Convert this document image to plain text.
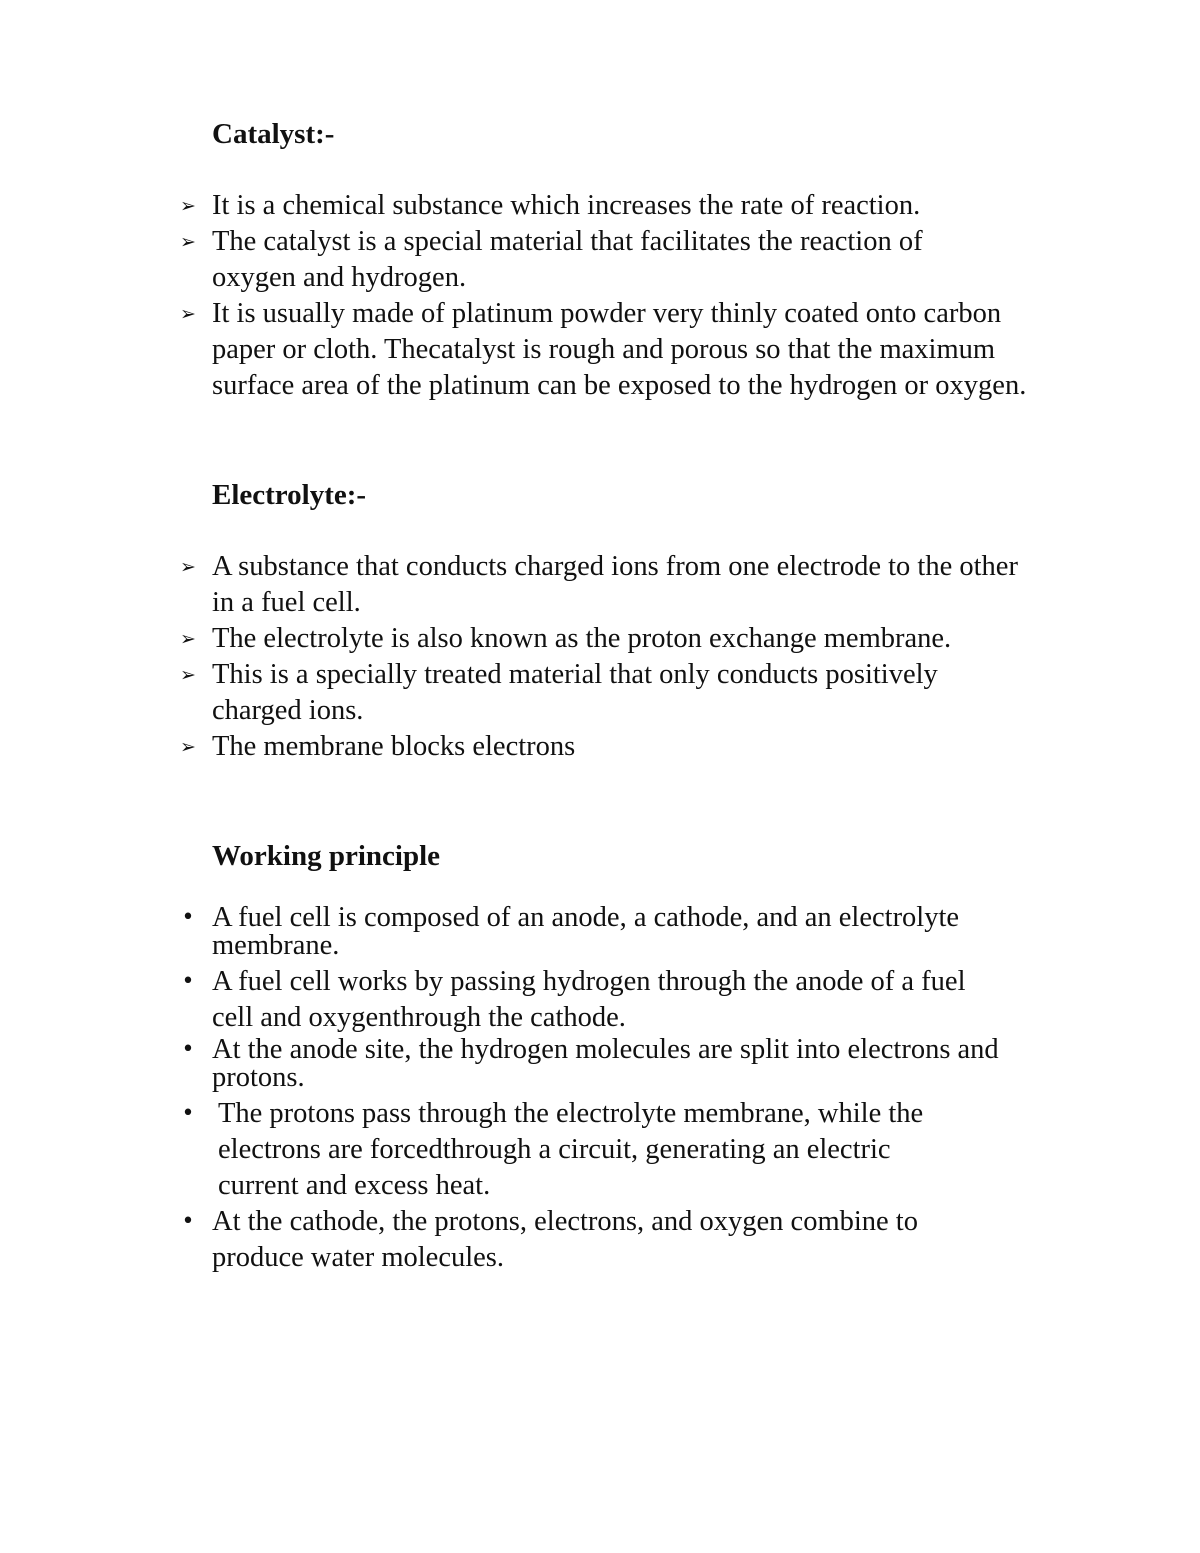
Catalyst:-
➢ It is a chemical substance which increases the rate of reaction.
➢ The catalyst is a special material that facilitates the reaction of oxygen and hydrogen.
➢ It is usually made of platinum powder very thinly coated onto carbon paper or cloth. Thecatalyst is rough and porous so that the maximum surface area of the platinum can be exposed to the hydrogen or oxygen.
Electrolyte:-
➢ A substance that conducts charged ions from one electrode to the other in a fuel cell.
➢ The electrolyte is also known as the proton exchange membrane.
➢ This is a specially treated material that only conducts positively charged ions.
➢ The membrane blocks electrons
Working principle
• A fuel cell is composed of an anode, a cathode, and an electrolyte membrane.
• A fuel cell works by passing hydrogen through the anode of a fuel cell and oxygenthrough the cathode.
• At the anode site, the hydrogen molecules are split into electrons and protons.
• The protons pass through the electrolyte membrane, while the electrons are forcedthrough a circuit, generating an electric current and excess heat.
• At the cathode, the protons, electrons, and oxygen combine to produce water molecules.
